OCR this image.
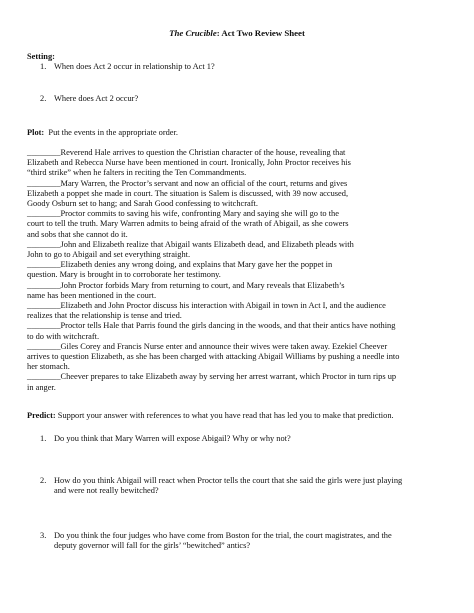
The Crucible: Act Two Review Sheet
Setting:
1. When does Act 2 occur in relationship to Act 1?
2. Where does Act 2 occur?
Plot: Put the events in the appropriate order.

________Reverend Hale arrives to question the Christian character of the house, revealing that

Elizabeth and Rebecca Nurse have been mentioned in court. Ironically, John Proctor receives his

“third strike” when he falters in reciting the Ten Commandments.

________Mary Warren, the Proctor’s servant and now an official of the court, returns and gives

Elizabeth a poppet she made in court. The situation is Salem is discussed, with 39 now accused,

Goody Osburn set to hang; and Sarah Good confessing to witchcraft.

________Proctor commits to saving his wife, confronting Mary and saying she will go to the

court to tell the truth. Mary Warren admits to being afraid of the wrath of Abigail, as she cowers

and sobs that she cannot do it.

________John and Elizabeth realize that Abigail wants Elizabeth dead, and Elizabeth pleads with

John to go to Abigail and set everything straight.

________Elizabeth denies any wrong doing, and explains that Mary gave her the poppet in

question. Mary is brought in to corroborate her testimony.

________John Proctor forbids Mary from returning to court, and Mary reveals that Elizabeth’s

name has been mentioned in the court.

________Elizabeth and John Proctor discuss his interaction with Abigail in town in Act I, and the audience

realizes that the relationship is tense and tried.

________Proctor tells Hale that Parris found the girls dancing in the woods, and that their antics have nothing

to do with witchcraft.

________Giles Corey and Francis Nurse enter and announce their wives were taken away. Ezekiel Cheever

arrives to question Elizabeth, as she has been charged with attacking Abigail Williams by pushing a needle into

her stomach.

________Cheever prepares to take Elizabeth away by serving her arrest warrant, which Proctor in turn rips up

in anger.

Predict: Support your answer with references to what you have read that has led you to make that prediction.
1. Do you think that Mary Warren will expose Abigail? Why or why not?
2. How do you think Abigail will react when Proctor tells the court that she said the girls were just playing
and were not really bewitched?
3. Do you think the four judges who have come from Boston for the trial, the court magistrates, and the
deputy governor will fall for the girls’ “bewitched” antics?
